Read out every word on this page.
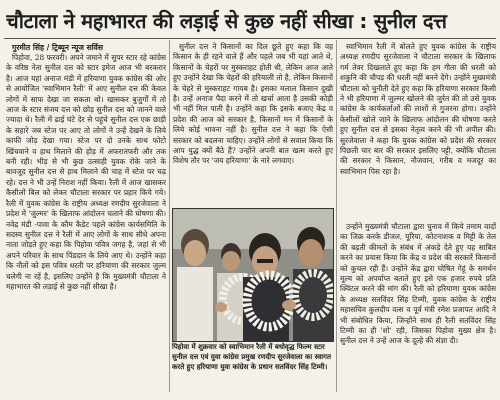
चौटाला ने महाभारत की लड़ाई से कुछ नहीं सीखा : सुनील दत्त

गुरमीत सिंह / ट्रिब्यून न्यूज सर्विस

पिहोवा, 28 फरवरी। अपने जमाने में सुपर स्टार रहे कांग्रेस के वरिष्ठ नेता सुनील दत्त को स्टार इमेज आज भी बरकरार है। आज यहां अनाज मंडी में हरियाणा युवक कांग्रेस की ओर से आयोजित 'स्वाभिमान रैली' में आए सुनील दत्त की केवल लोगों में साफ देखा जा सकता थो। खासकर बुजुर्गों में तो आज के स्टार संजय दत्त को छोड़ सुनील दत्त को जानने वाले ज्यादा थे। रैली में ढाई घंटे देर से पहुंचे सुनील दत्त एक छाड़ी के सहारे जब स्टेज पर आए तो लोगों ने उन्हें देखने के लिये काफी जोड़ देखा गया। स्टेज पर दो उनके साथ फोटो खिंचवाने व हाथ मिलाने की होड़ में अफरातफरी और तक बनी रही। भीड़ से भी कुछ उत्साही युवक रोके जाने के बावजूद सुनील दत्त से हाथ मिलाने की चाह में स्टेज पर चढ़ रहे। दत्त ने भी उन्हें निराश नहीं किया। रैली में आज खासकर कैसीलों बिल को लेकर चौटाला सरकार पर प्रहार किये गये। रैली में युवक कांग्रेस के राष्ट्रीय अध्यक्ष रणदीप सुरजेवाला ने प्रदेश में 'जुल्मर' के खिलाफ आंदोलन चलाने की घोषणा की। नवेद्र मंडी -पावा के कौम कैडेट पहले कांग्रेस कार्यसमिति के सदस्य सुनील दत्त ने रैली में आए लोगों के साथ सीधे अपना नाता जोड़ते हुए कहा कि पिहोवा पवित्र जगह है, जहां से भी अपने परिवार के साथ पिंडदान के लिये आए थे। उन्होंने कहा कि नौतों को इस पवित्र धरती पर हरियाणा की सरकार जुल्म चलेगी ना रहें है, इसलिए उन्होंने है कि मुख्यमंत्री चौटाला ने महाभारत की लड़ाई से कुछ नहीं सीखा है।

सुनील दत्त ने किसानों का दिल छूते हुए कहा कि वह किसान के ही रहने वाले हैं और पहले जब भी यहां आते थे, किसानों के चेहरों पर मुस्कराहट होती थी, लेकिन आज आते हुए उन्होंने देखा कि चेहरों की हरियाली तो है, लेकिन किसानों के चेहरे से मुस्कराहट गायब है। इसका मलाल किसान दुखी है। उन्हें अनाज पैदा करने में तो खर्चा आता है उसकी कोड़ी भी नहीं मिल पाती है। उन्होंने कहा कि इसके बजाए केंद्र व प्रदेश की आज को सरकार है, किसानों मन में किसानों के लिये कोई भावना नहीं है। सुनील दत्त ने कहा कि ऐसी सरकार को बदलना चाहिए। उन्होंने लोगों से सवाल किया कि आप युद्ध क्यों बैठे हैं? उन्होंने अपनी बात खत्म करते हुए विशेष तौर पर 'जय हरियाणा' के नारे लगवाए।

पिहोवा में शुक्रवार को स्वाभिमान रैली में बधोवृद्ध फिल्म स्टार सुनील दत्त एवं युवा कांग्रेस प्रमुख रणदीप सुरजेवाला का स्वागत करते हुए हरियाणा युवा कांग्रेस के प्रधान सतविंदर सिंह टिम्मी।

स्वाभिमान रैली में बोलते हुए युवक कांग्रेस के राष्ट्रीय अध्यक्ष रणदीप सुरजेवाला ने चौटाला सरकार के खिलाफ गर्म तेवर दिखलाते हुए कहा कि हम गीता की धरती को शकुनि की चौपड़ की धरती नहीं बनने देंगे। उन्होंने मुख्यमंत्री चौटाला को चुनौती देते हुए कहा कि हरियाणा सरकार किसी ने भी हरियाणा में जुल्मर खोलने की जुर्रत की तो उसे युवक कांग्रेस के कार्यकर्ताओं की लाशों से गुजरना होगा। उन्होंने केसीलों खोले जाने के खिलाफ आंदोलन की घोषणा करते हुए सुनील दत्त से इसका नेतृत्व करने की भी अपील की। सुरजेवाला ने कहा कि युवक कांग्रेस को प्रदेश की सरकार पिछली चार बार की सरकार इसलिए पट्टी, क्योंकि चौटाला की सरकार ने किसान, नौजवान, गरीब व मजदूर का स्वाभिमान पिस रहा है।

उन्होंने मुख्यमंत्री चौटाला द्वारा चुनाव में किये तमाम वादों का जिक्र करके डीजल, यूरिया, कोटनाशक व मिट्टी के तेल की बढ़ती कीमतों के संबंध में अंकड़े देते हुए यह साबित करने का प्रयास किया कि केंद्र व प्रदेश की सरकारें किसानों को कुचल रही हैं। उन्होंने केंद्र द्वारा घोषित गेहूं के समर्थन मूल्य को अपर्याप्त बताते हुए इसे एक हजार रुपये प्रति क्विंटल करने की मांग की। रैली को हरियाणा युवक कांग्रेस के अध्यक्ष सतविंदर सिंह टिम्मी, युवक कांग्रेस के राष्ट्रीय महासचिव कुलदीप वत्स व पूर्व मंत्री रमेश प्रजापत आदि ने भी संबोधित किया, जिन्होंने साथ ही रैली सतविंदर सिंह टिम्मी का ही 'शो' रही, जिसका पिहोवा मुख्य क्षेत्र है। सुनील दत्त ने उन्हें आज के दूल्हे की संज्ञा दी।
